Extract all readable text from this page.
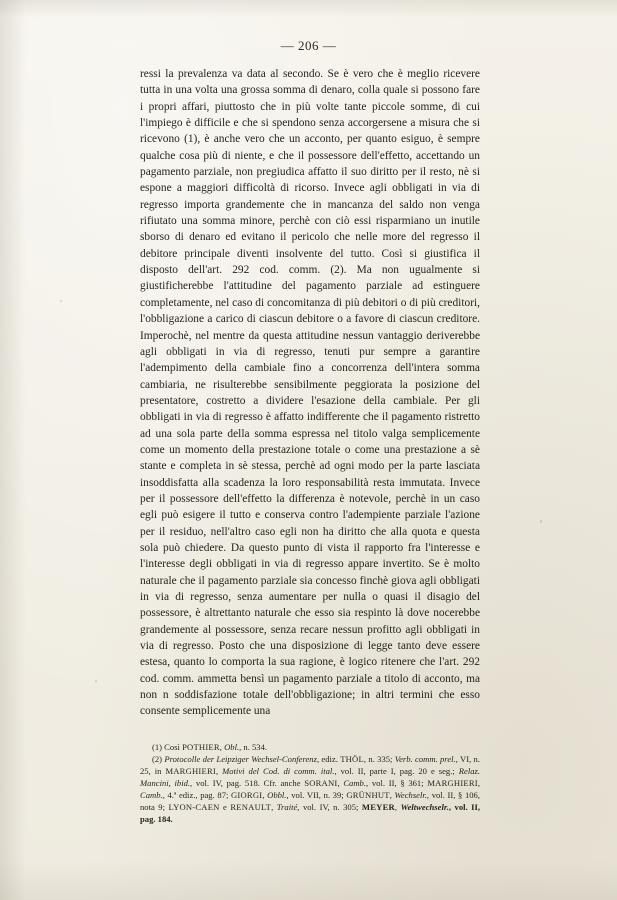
— 206 —

ressi la prevalenza va data al secondo. Se è vero che è meglio ricevere tutta in una volta una grossa somma di denaro, colla quale si possono fare i propri affari, piuttosto che in più volte tante piccole somme, di cui l'impiego è difficile e che si spendono senza accorgersene a misura che si ricevono (1), è anche vero che un acconto, per quanto esiguo, è sempre qualche cosa più di niente, e che il possessore dell'effetto, accettando un pagamento parziale, non pregiudica affatto il suo diritto per il resto, nè si espone a maggiori difficoltà di ricorso. Invece agli obbligati in via di regresso importa grandemente che in mancanza del saldo non venga rifiutato una somma minore, perchè con ciò essi risparmiano un inutile sborso di denaro ed evitano il pericolo che nelle more del regresso il debitore principale diventi insolvente del tutto. Così si giustifica il disposto dell'art. 292 cod. comm. (2). Ma non ugualmente si giustificherebbe l'attitudine del pagamento parziale ad estinguere completamente, nel caso di concomitanza di più debitori o di più creditori, l'obbligazione a carico di ciascun debitore o a favore di ciascun creditore. Imperochè, nel mentre da questa attitudine nessun vantaggio deriverebbe agli obbligati in via di regresso, tenuti pur sempre a garantire l'adempimento della cambiale fino a concorrenza dell'intera somma cambiaria, ne risulterebbe sensibilmente peggiorata la posizione del presentatore, costretto a dividere l'esazione della cambiale. Per gli obbligati in via di regresso è affatto indifferente che il pagamento ristretto ad una sola parte della somma espressa nel titolo valga semplicemente come un momento della prestazione totale o come una prestazione a sè stante e completa in sè stessa, perchè ad ogni modo per la parte lasciata insoddisfatta alla scadenza la loro responsabilità resta immutata. Invece per il possessore dell'effetto la differenza è notevole, perchè in un caso egli può esigere il tutto e conserva contro l'adempiente parziale l'azione per il residuo, nell'altro caso egli non ha diritto che alla quota e questa sola può chiedere. Da questo punto di vista il rapporto fra l'interesse e l'interesse degli obbligati in via di regresso appare invertito. Se è molto naturale che il pagamento parziale sia concesso finchè giova agli obbligati in via di regresso, senza aumentare per nulla o quasi il disagio del possessore, è altrettanto naturale che esso sia respinto là dove nocerebbe grandemente al possessore, senza recare nessun profitto agli obbligati in via di regresso. Posto che una disposizione di legge tanto deve essere estesa, quanto lo comporta la sua ragione, è logico ritenere che l'art. 292 cod. comm. ammetta bensì un pagamento parziale a titolo di acconto, ma non n soddisfazione totale dell'obbligazione; in altri termini che esso consente semplicemente una

(1) Così POTHIER, Obl., n. 534.

(2) Protocolle der Leipziger Wechsel-Conferenz, ediz. THÖL, n. 335; Verb. comm. prel., VI, n. 25, in MARGHIERI, Motivi del Cod. di comm. ital., vol. II, parte I, pag. 20 e seg.; Relaz. Mancini, ibid., vol. IV, pag. 518. Cfr. anche SORANI, Camb., vol. II, § 361; MARGHIERI, Camb., 4.ª ediz., pag. 87; GIORGI, Obbl., vol. VII, n. 39; GRÜNHUT, Wechselr., vol. II, § 106, nota 9; LYON-CAEN e RENAULT, Traité, vol. IV, n. 305; MEYER, Weltwechselr., vol. II, pag. 184.
